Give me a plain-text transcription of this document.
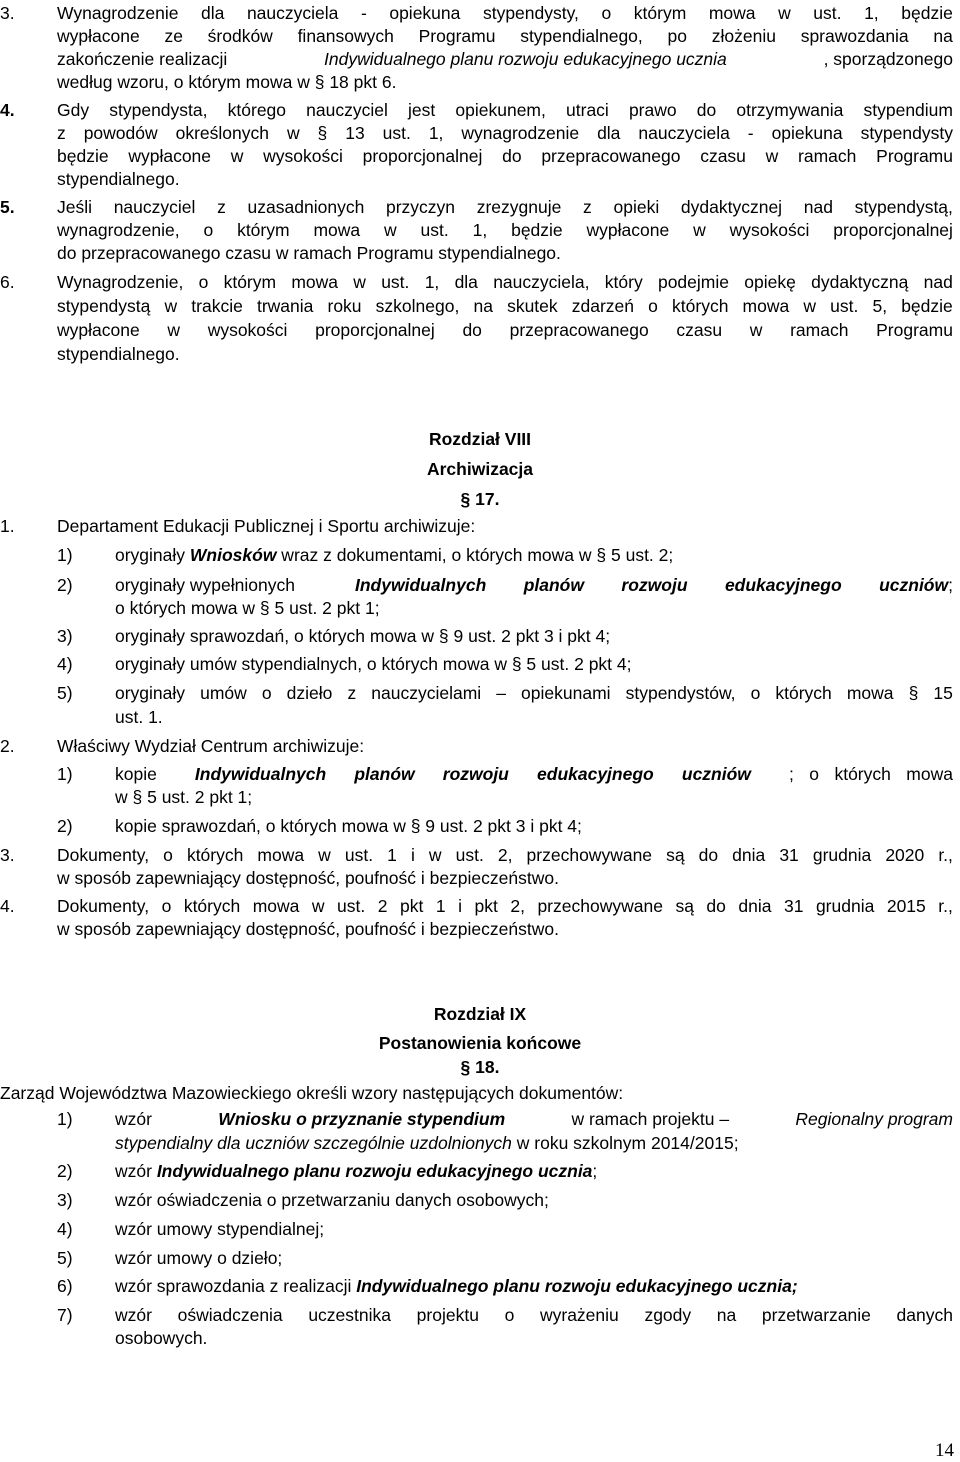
3. Wynagrodzenie dla nauczyciela - opiekuna stypendysty, o którym mowa w ust. 1, będzie
wypłacone ze środków finansowych Programu stypendialnego, po złożeniu sprawozdania na
zakończenie realizacji	Indywidualnego planu rozwoju edukacyjnego ucznia	, sporządzonego
według wzoru, o którym mowa w § 18 pkt 6.
4. Gdy stypendysta, którego nauczyciel jest opiekunem, utraci prawo do otrzymywania stypendium
z powodów określonych w § 13 ust. 1, wynagrodzenie dla nauczyciela - opiekuna stypendysty
będzie wypłacone w wysokości proporcjonalnej do przepracowanego czasu w ramach Programu
stypendialnego.
5. Jeśli nauczyciel z uzasadnionych przyczyn zrezygnuje z opieki dydaktycznej nad stypendystą,
wynagrodzenie, o którym mowa w ust. 1, będzie wypłacone w wysokości proporcjonalnej
do przepracowanego czasu w ramach Programu stypendialnego.
6. Wynagrodzenie, o którym mowa w ust. 1, dla nauczyciela, który podejmie opiekę dydaktyczną nad
stypendystą w trakcie trwania roku szkolnego, na skutek zdarzeń o których mowa w ust. 5, będzie
wypłacone w wysokości proporcjonalnej do przepracowanego czasu w ramach Programu
stypendialnego.
Rozdział VIII
Archiwizacja
§ 17.
1. Departament Edukacji Publicznej i Sportu archiwizuje:
1) oryginały Wniosków wraz z dokumentami, o których mowa w § 5 ust. 2;
2) oryginały wypełnionych	Indywidualnych planów rozwoju edukacyjnego uczniów ;
o których mowa w § 5 ust. 2 pkt 1;
3) oryginały sprawozdań, o których mowa w § 9 ust. 2 pkt 3 i pkt 4;
4) oryginały umów stypendialnych, o których mowa w § 5 ust. 2 pkt 4;
5) oryginały umów o dzieło z nauczycielami – opiekunami stypendystów, o których mowa § 15
ust. 1.
2. Właściwy Wydział Centrum archiwizuje:
1) kopie Indywidualnych planów rozwoju edukacyjnego uczniów ; o których mowa
w § 5 ust. 2 pkt 1;
2) kopie sprawozdań, o których mowa w § 9 ust. 2 pkt 3 i pkt 4;
3. Dokumenty, o których mowa w ust. 1 i w ust. 2, przechowywane są do dnia 31 grudnia 2020 r.,
w sposób zapewniający dostępność, poufność i bezpieczeństwo.
4. Dokumenty, o których mowa w ust. 2 pkt 1 i pkt 2, przechowywane są do dnia 31 grudnia 2015 r.,
w sposób zapewniający dostępność, poufność i bezpieczeństwo.
Rozdział IX
Postanowienia końcowe
§ 18.
Zarząd Województwa Mazowieckiego określi wzory następujących dokumentów:
1) wzór	Wniosku o przyznanie stypendium	w ramach projektu –	Regionalny program
stypendialny dla uczniów szczególnie uzdolnionych w roku szkolnym 2014/2015;
2) wzór Indywidualnego planu rozwoju edukacyjnego ucznia;
3) wzór oświadczenia o przetwarzaniu danych osobowych;
4) wzór umowy stypendialnej;
5) wzór umowy o dzieło;
6) wzór sprawozdania z realizacji Indywidualnego planu rozwoju edukacyjnego ucznia;
7) wzór oświadczenia uczestnika projektu o wyrażeniu zgody na przetwarzanie danych
osobowych.
14
